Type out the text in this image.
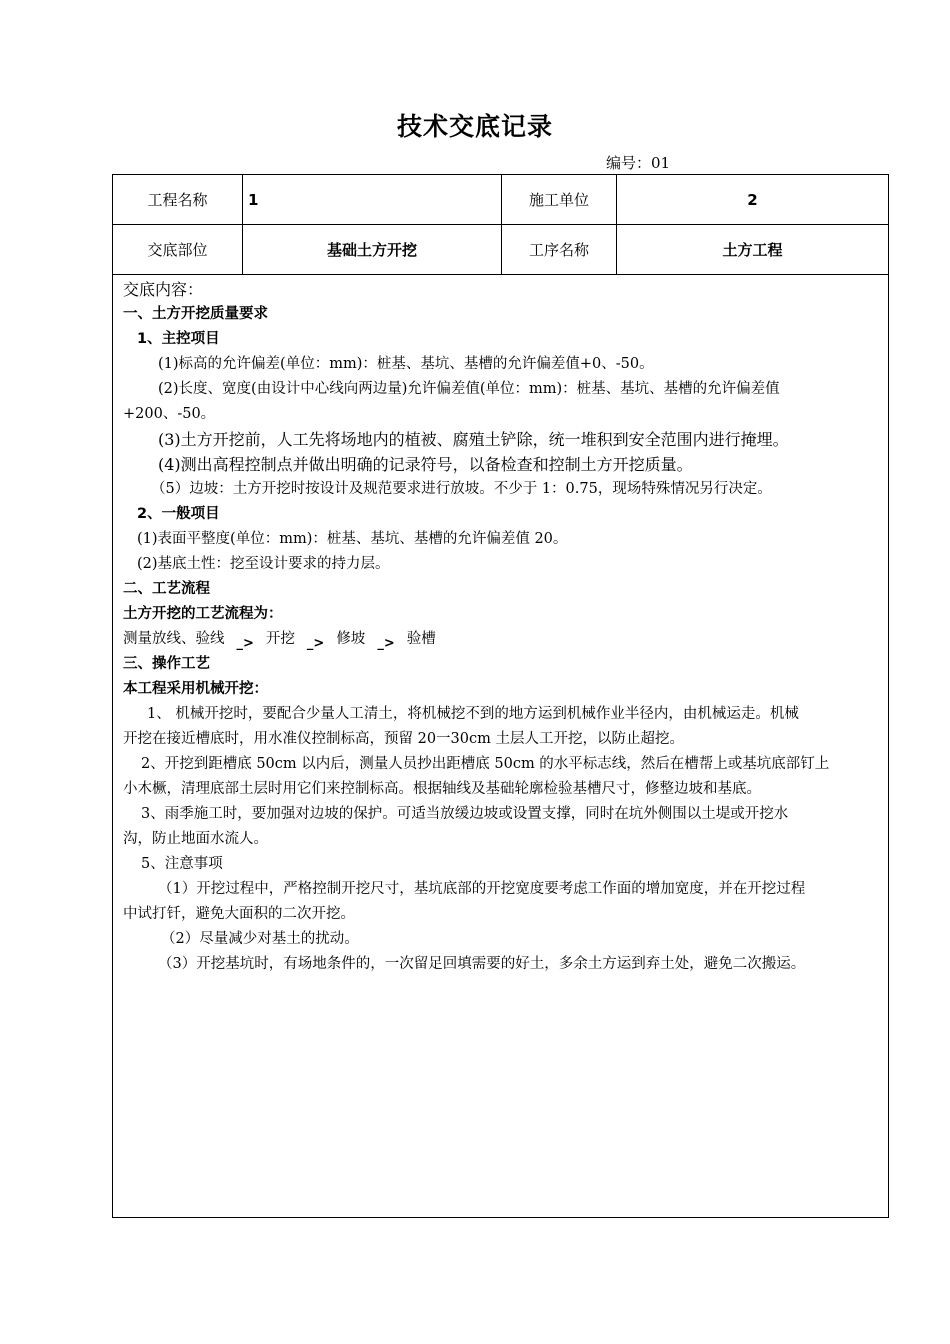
技术交底记录
编号：01
工程名称	1	施工单位	2
交底部位	基础土方开挖	工序名称	土方工程
交底内容：
一、土方开挖质量要求
1、主控项目
(1)标高的允许偏差(单位：mm)：桩基、基坑、基槽的允许偏差值+0、-50。
(2)长度、宽度(由设计中心线向两边量)允许偏差值(单位：mm)：桩基、基坑、基槽的允许偏差值
+200、-50。
(3)土方开挖前，人工先将场地内的植被、腐殖土铲除，统一堆积到安全范围内进行掩埋。
(4)测出高程控制点并做出明确的记录符号，以备检查和控制土方开挖质量。
（5）边坡：土方开挖时按设计及规范要求进行放坡。不少于 1：0.75，现场特殊情况另行决定。
2、一般项目
(1)表面平整度(单位：mm)：桩基、基坑、基槽的允许偏差值 20。
(2)基底土性：挖至设计要求的持力层。
二、工艺流程
土方开挖的工艺流程为：
测量放线、验线 _> 开挖 _> 修坡 _> 验槽
三、操作工艺
本工程采用机械开挖：
1、 机械开挖时，要配合少量人工清土，将机械挖不到的地方运到机械作业半径内，由机械运走。机械
开挖在接近槽底时，用水准仪控制标高，预留 20一30cm 土层人工开挖，以防止超挖。
2、开挖到距槽底 50cm 以内后，测量人员抄出距槽底 50cm 的水平标志线，然后在槽帮上或基坑底部钉上
小木橛，清理底部土层时用它们来控制标高。根据轴线及基础轮廓检验基槽尺寸，修整边坡和基底。
3、雨季施工时，要加强对边坡的保护。可适当放缓边坡或设置支撑，同时在坑外侧围以土堤或开挖水
沟，防止地面水流人。
5、注意事项
（1）开挖过程中，严格控制开挖尺寸，基坑底部的开挖宽度要考虑工作面的增加宽度，并在开挖过程
中试打钎，避免大面积的二次开挖。
（2）尽量减少对基土的扰动。
（3）开挖基坑时，有场地条件的，一次留足回填需要的好土，多余土方运到弃土处，避免二次搬运。
